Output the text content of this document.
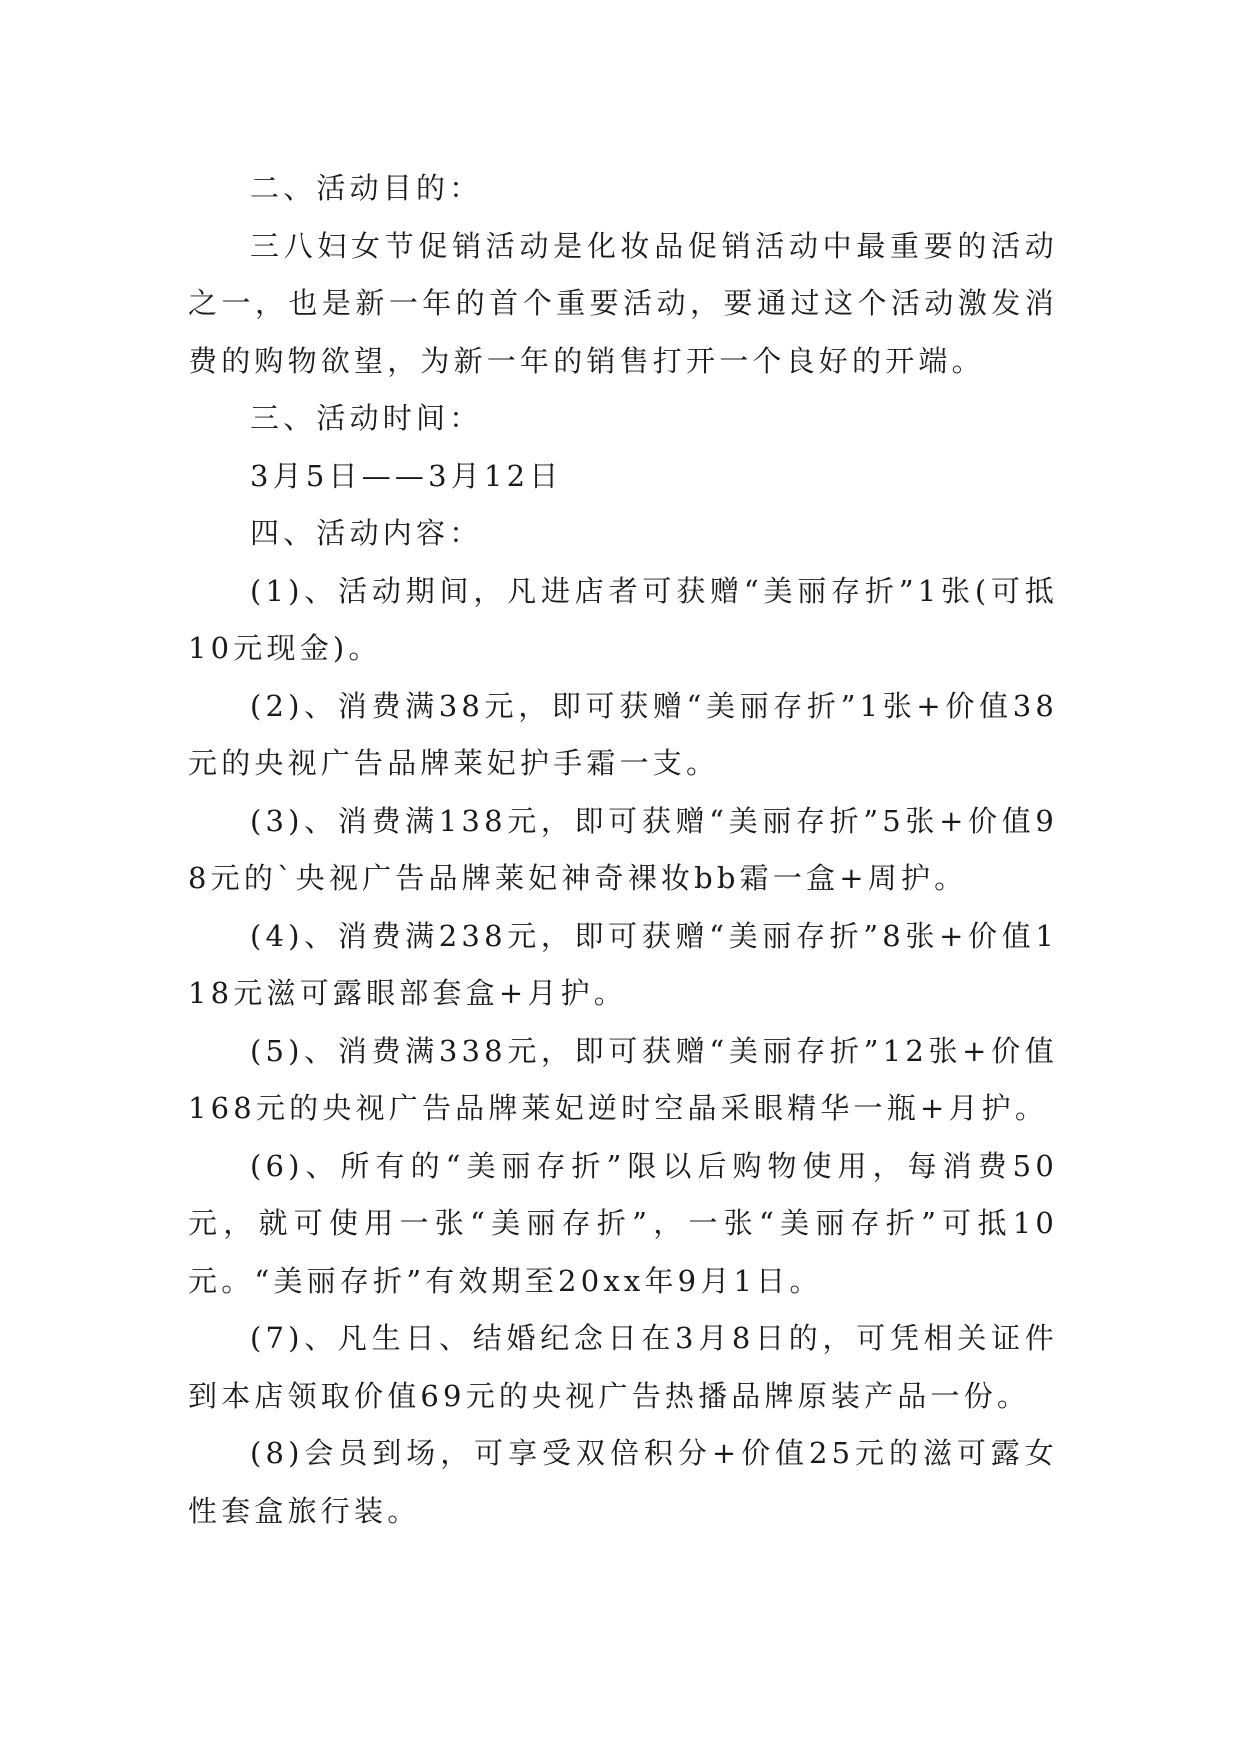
二、活动目的：

三八妇女节促销活动是化妆品促销活动中最重要的活动之一，也是新一年的首个重要活动，要通过这个活动激发消费的购物欲望，为新一年的销售打开一个良好的开端。

三、活动时间：

3月5日——3月12日

四、活动内容：

(1)、活动期间，凡进店者可获赠“美丽存折”1张(可抵10元现金)。

(2)、消费满38元，即可获赠“美丽存折”1张+价值38元的央视广告品牌莱妃护手霜一支。

(3)、消费满138元，即可获赠“美丽存折”5张+价值98元的`央视广告品牌莱妃神奇裸妆bb霜一盒+周护。

(4)、消费满238元，即可获赠“美丽存折”8张+价值118元滋可露眼部套盒+月护。

(5)、消费满338元，即可获赠“美丽存折”12张+价值168元的央视广告品牌莱妃逆时空晶采眼精华一瓶+月护。

(6)、所有的“美丽存折”限以后购物使用，每消费50元，就可使用一张“美丽存折”，一张“美丽存折”可抵10元。“美丽存折”有效期至20xx年9月1日。

(7)、凡生日、结婚纪念日在3月8日的，可凭相关证件到本店领取价值69元的央视广告热播品牌原装产品一份。

(8)会员到场，可享受双倍积分+价值25元的滋可露女性套盒旅行装。
